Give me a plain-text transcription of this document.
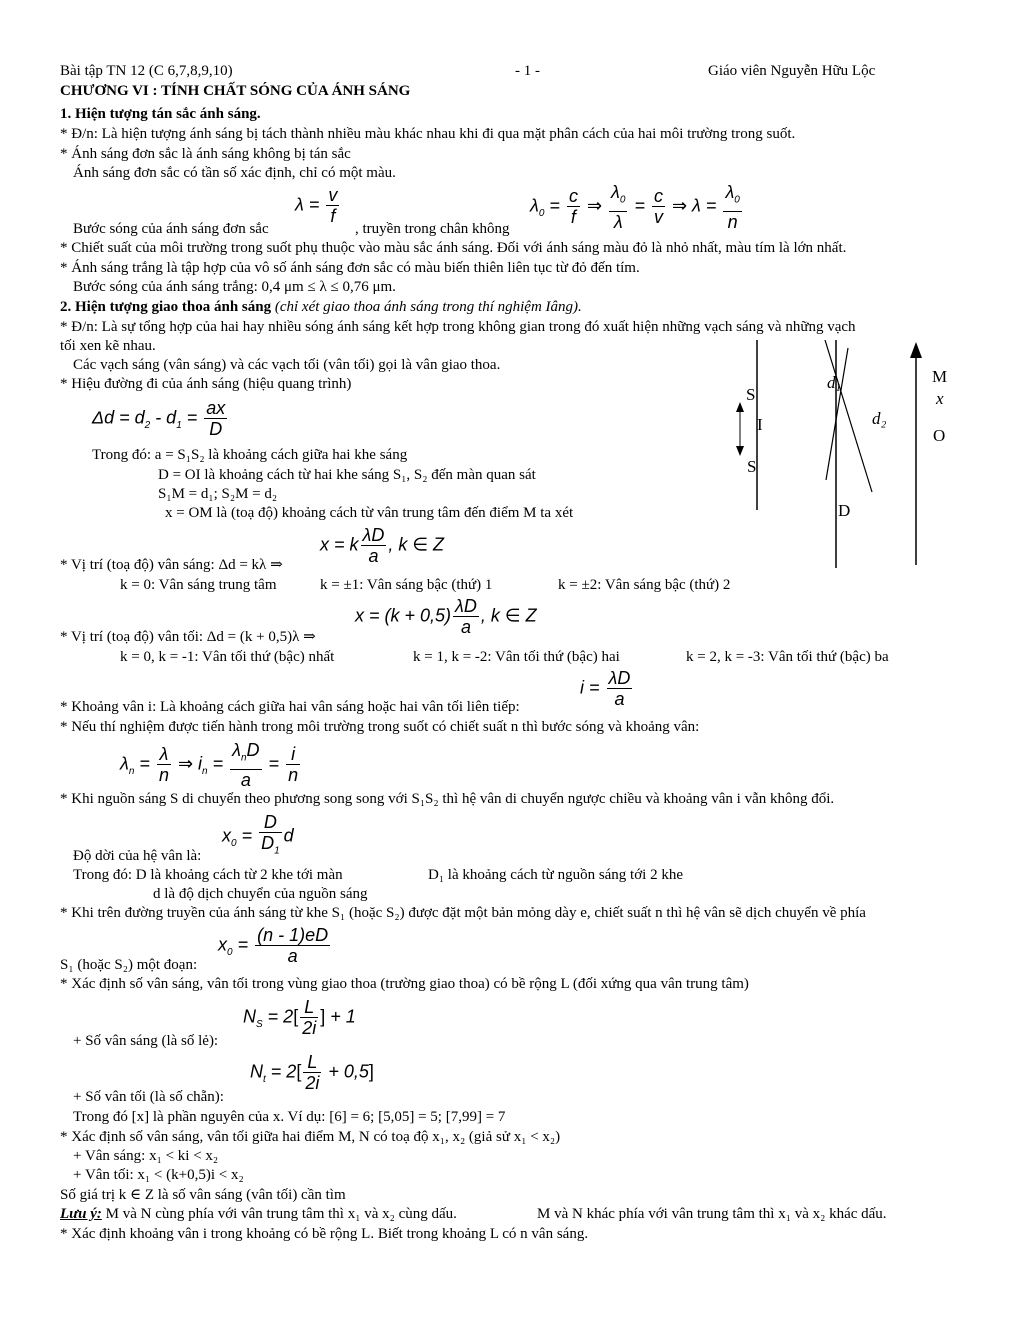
Bài tập TN 12 (C 6,7,8,9,10)	- 1 -	Giáo viên Nguyễn Hữu Lộc
CHƯƠNG VI : TÍNH CHẤT SÓNG CỦA ÁNH SÁNG
1. Hiện tượng tán sắc ánh sáng.
* Đ/n: Là hiện tượng ánh sáng bị tách thành nhiều màu khác nhau khi đi qua mặt phân cách của hai môi trường trong suốt.
* Ánh sáng đơn sắc là ánh sáng không bị tán sắc
Ánh sáng đơn sắc có tần số xác định, chỉ có một màu.
$\lambda = \frac{v}{f}$	$\lambda_0 = \frac{c}{f}$ ⇒ $\frac{\lambda_0}{\lambda} = \frac{c}{v}$ ⇒ $\lambda = \frac{\lambda_0}{n}$
Bước sóng của ánh sáng đơn sắc	, truyền trong chân không
* Chiết suất của môi trường trong suốt phụ thuộc vào màu sắc ánh sáng. Đối với ánh sáng màu đỏ là nhỏ nhất, màu tím là lớn nhất.
* Ánh sáng trắng là tập hợp của vô số ánh sáng đơn sắc có màu biến thiên liên tục từ đỏ đến tím.
Bước sóng của ánh sáng trắng: 0,4 μm ≤ λ ≤ 0,76 μm.
2. Hiện tượng giao thoa ánh sáng (chỉ xét giao thoa ánh sáng trong thí nghiệm Iâng).
* Đ/n: Là sự tổng hợp của hai hay nhiều sóng ánh sáng kết hợp trong không gian trong đó xuất hiện những vạch sáng và những vạch
tối xen kẽ nhau.
Các vạch sáng (vân sáng) và các vạch tối (vân tối) gọi là vân giao thoa.
* Hiệu đường đi của ánh sáng (hiệu quang trình)
$\Delta d = d_2 - d_1 = \frac{ax}{D}$
Trong đó: a = S₁S₂ là khoảng cách giữa hai khe sáng
D = OI là khoảng cách từ hai khe sáng S₁, S₂ đến màn quan sát
S₁M = d₁; S₂M = d₂
x = OM là (toạ độ) khoảng cách từ vân trung tâm đến điểm M ta xét
x = k $\frac{\lambda D}{a}$ , k ∈ Z
* Vị trí (toạ độ) vân sáng: Δd = kλ ⇒
k = 0: Vân sáng trung tâm	k = ±1: Vân sáng bậc (thứ) 1	k = ±2: Vân sáng bậc (thứ) 2
$x = (k + 0,5) \frac{\lambda D}{a}$ , k ∈ Z
* Vị trí (toạ độ) vân tối: Δd = (k + 0,5)λ ⇒
k = 0, k = -1: Vân tối thứ (bậc) nhất	k = 1, k = -2: Vân tối thứ (bậc) hai	k = 2, k = -3: Vân tối thứ (bậc) ba
$i = \frac{\lambda D}{a}$
* Khoảng vân i: Là khoảng cách giữa hai vân sáng hoặc hai vân tối liên tiếp:
* Nếu thí nghiệm được tiến hành trong môi trường trong suốt có chiết suất n thì bước sóng và khoảng vân:
$\lambda_n = \frac{\lambda}{n}$ ⇒ $i_n = \frac{\lambda_nD}{a} = \frac{i}{n}$
* Khi nguồn sáng S di chuyển theo phương song song với S₁S₂ thì hệ vân di chuyển ngược chiều và khoảng vân i vẫn không đổi.
$x_0 = \frac{D}{D_1}$ d
Độ dời của hệ vân là:
Trong đó: D là khoảng cách từ 2 khe tới màn	D₁ là khoảng cách từ nguồn sáng tới 2 khe
d là độ dịch chuyển của nguồn sáng
* Khi trên đường truyền của ánh sáng từ khe S₁ (hoặc S₂) được đặt một bản mỏng dày e, chiết suất n thì hệ vân sẽ dịch chuyển về phía
$x_0 = \frac{(n - 1)eD}{a}$
S₁ (hoặc S₂) một đoạn:
* Xác định số vân sáng, vân tối trong vùng giao thoa (trường giao thoa) có bề rộng L (đối xứng qua vân trung tâm)
$N_S = 2[ \frac{L}{2i}$ ] + 1
+ Số vân sáng (là số lẻ):
$N_t = 2[ \frac{L}{2i} + 0,5]$
+ Số vân tối (là số chẵn):
Trong đó [x] là phần nguyên của x. Ví dụ: [6] = 6; [5,05] = 5; [7,99] = 7
* Xác định số vân sáng, vân tối giữa hai điểm M, N có toạ độ x₁, x₂ (giả sử x₁ < x₂)
+ Vân sáng: x₁ < ki < x₂
+ Vân tối: x₁ < (k+0,5)i < x₂
Số giá trị k ∈ Z là số vân sáng (vân tối) cần tìm
Lưu ý: M và N cùng phía với vân trung tâm thì x₁ và x₂ cùng dấu.	M và N khác phía với vân trung tâm thì x₁ và x₂ khác dấu.
* Xác định khoảng vân i trong khoảng có bề rộng L. Biết trong khoảng L có n vân sáng.
S
S
I
d1
d₂
D
M
x
O
